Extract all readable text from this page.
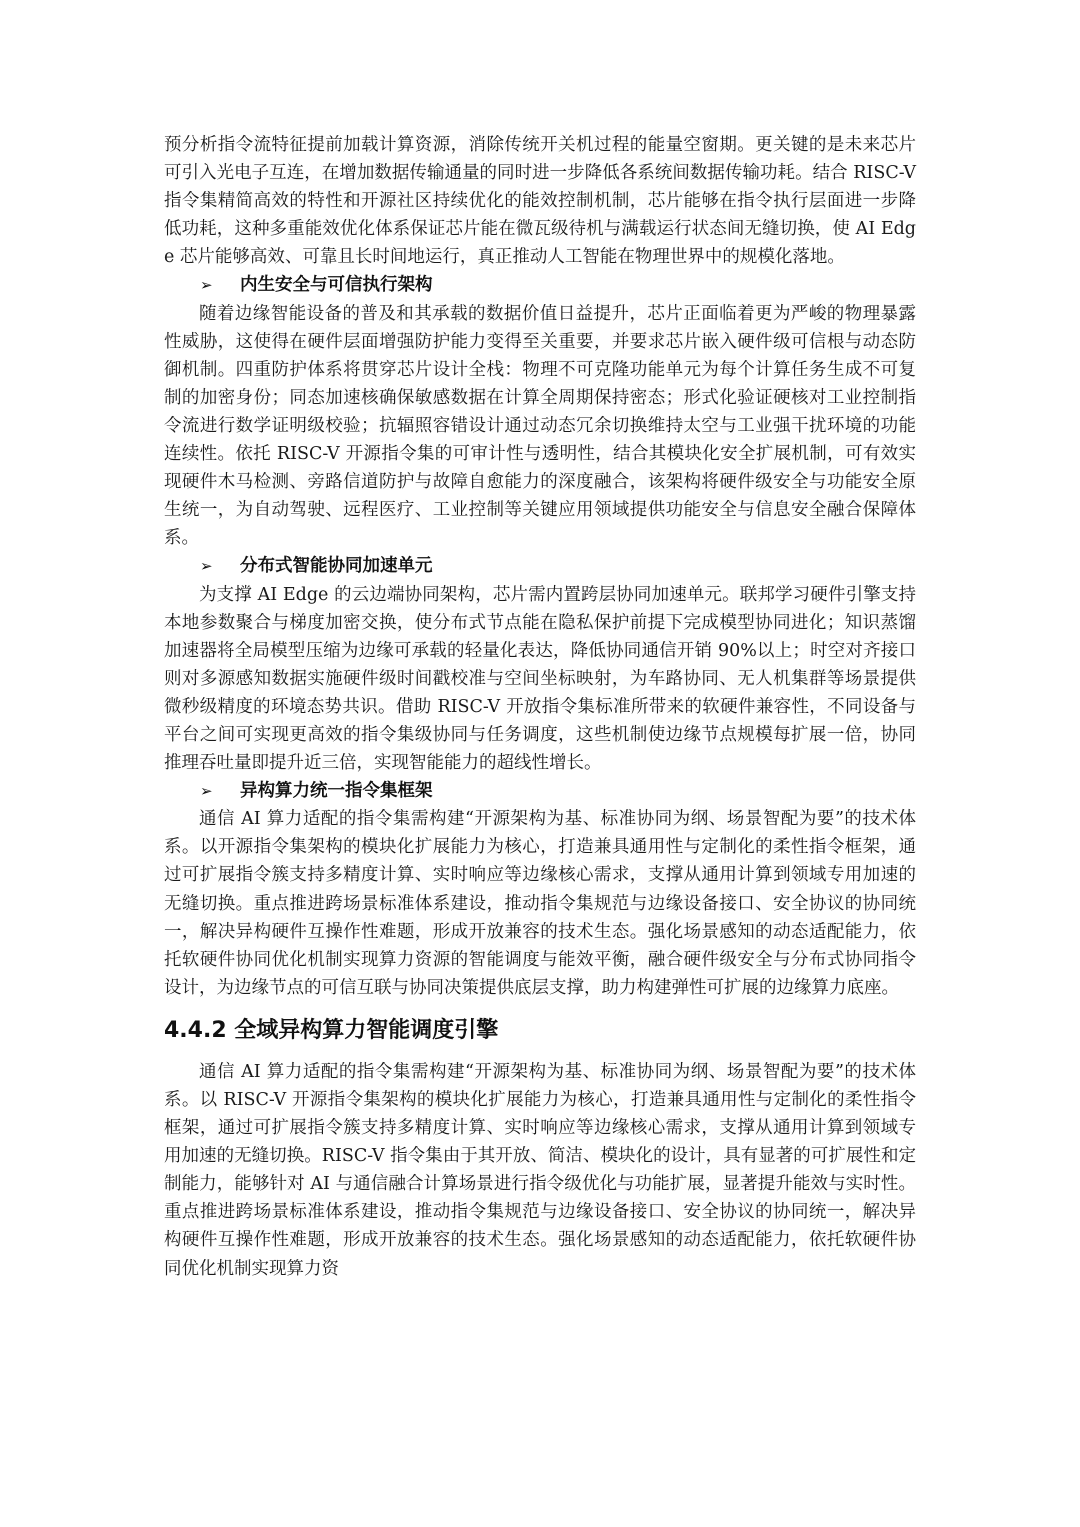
预分析指令流特征提前加载计算资源，消除传统开关机过程的能量空窗期。更关键的是未来芯片可引入光电子互连，在增加数据传输通量的同时进一步降低各系统间数据传输功耗。结合 RISC-V 指令集精简高效的特性和开源社区持续优化的能效控制机制，芯片能够在指令执行层面进一步降低功耗，这种多重能效优化体系保证芯片能在微瓦级待机与满载运行状态间无缝切换，使 AI Edge 芯片能够高效、可靠且长时间地运行，真正推动人工智能在物理世界中的规模化落地。

➢	内生安全与可信执行架构

随着边缘智能设备的普及和其承载的数据价值日益提升，芯片正面临着更为严峻的物理暴露性威胁，这使得在硬件层面增强防护能力变得至关重要，并要求芯片嵌入硬件级可信根与动态防御机制。四重防护体系将贯穿芯片设计全栈：物理不可克隆功能单元为每个计算任务生成不可复制的加密身份；同态加速核确保敏感数据在计算全周期保持密态；形式化验证硬核对工业控制指令流进行数学证明级校验；抗辐照容错设计通过动态冗余切换维持太空与工业强干扰环境的功能连续性。依托 RISC-V 开源指令集的可审计性与透明性，结合其模块化安全扩展机制，可有效实现硬件木马检测、旁路信道防护与故障自愈能力的深度融合，该架构将硬件级安全与功能安全原生统一，为自动驾驶、远程医疗、工业控制等关键应用领域提供功能安全与信息安全融合保障体系。

➢	分布式智能协同加速单元

为支撑 AI Edge 的云边端协同架构，芯片需内置跨层协同加速单元。联邦学习硬件引擎支持本地参数聚合与梯度加密交换，使分布式节点能在隐私保护前提下完成模型协同进化；知识蒸馏加速器将全局模型压缩为边缘可承载的轻量化表达，降低协同通信开销 90%以上；时空对齐接口则对多源感知数据实施硬件级时间戳校准与空间坐标映射，为车路协同、无人机集群等场景提供微秒级精度的环境态势共识。借助 RISC-V 开放指令集标准所带来的软硬件兼容性，不同设备与平台之间可实现更高效的指令集级协同与任务调度，这些机制使边缘节点规模每扩展一倍，协同推理吞吐量即提升近三倍，实现智能能力的超线性增长。

➢	异构算力统一指令集框架

通信 AI 算力适配的指令集需构建“开源架构为基、标准协同为纲、场景智配为要”的技术体系。以开源指令集架构的模块化扩展能力为核心，打造兼具通用性与定制化的柔性指令框架，通过可扩展指令簇支持多精度计算、实时响应等边缘核心需求，支撑从通用计算到领域专用加速的无缝切换。重点推进跨场景标准体系建设，推动指令集规范与边缘设备接口、安全协议的协同统一，解决异构硬件互操作性难题，形成开放兼容的技术生态。强化场景感知的动态适配能力，依托软硬件协同优化机制实现算力资源的智能调度与能效平衡，融合硬件级安全与分布式协同指令设计，为边缘节点的可信互联与协同决策提供底层支撑，助力构建弹性可扩展的边缘算力底座。

4.4.2 全域异构算力智能调度引擎

通信 AI 算力适配的指令集需构建“开源架构为基、标准协同为纲、场景智配为要”的技术体系。以 RISC-V 开源指令集架构的模块化扩展能力为核心，打造兼具通用性与定制化的柔性指令框架，通过可扩展指令簇支持多精度计算、实时响应等边缘核心需求，支撑从通用计算到领域专用加速的无缝切换。RISC-V 指令集由于其开放、简洁、模块化的设计，具有显著的可扩展性和定制能力，能够针对 AI 与通信融合计算场景进行指令级优化与功能扩展，显著提升能效与实时性。重点推进跨场景标准体系建设，推动指令集规范与边缘设备接口、安全协议的协同统一，解决异构硬件互操作性难题，形成开放兼容的技术生态。强化场景感知的动态适配能力，依托软硬件协同优化机制实现算力资
